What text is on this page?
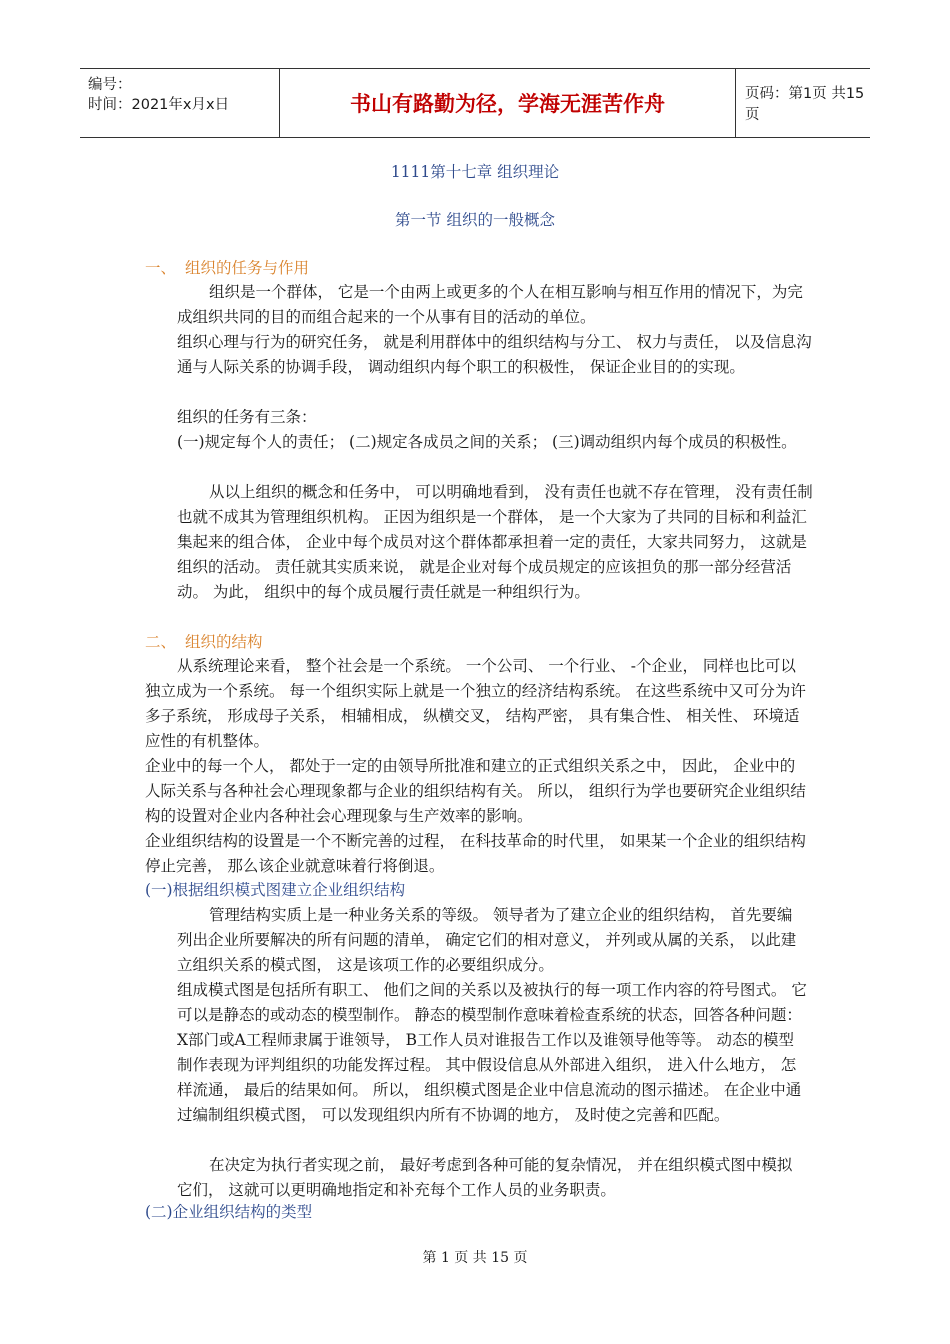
编号：
时间：2021年x月x日	书山有路勤为径，学海无涯苦作舟	页码：第1页 共15页
1111第十七章 组织理论
第一节 组织的一般概念
一、 组织的任务与作用

组织是一个群体， 它是一个由两上或更多的个人在相互影响与相互作用的情况下，为完成组织共同的目的而组合起来的一个从事有目的活动的单位。

组织心理与行为的研究任务， 就是利用群体中的组织结构与分工、 权力与责任， 以及信息沟通与人际关系的协调手段， 调动组织内每个职工的积极性， 保证企业目的的实现。

组织的任务有三条：

(一)规定每个人的责任； (二)规定各成员之间的关系； (三)调动组织内每个成员的积极性。

从以上组织的概念和任务中， 可以明确地看到， 没有责任也就不存在管理， 没有责任制也就不成其为管理组织机构。 正因为组织是一个群体， 是一个大家为了共同的目标和利益汇集起来的组合体， 企业中每个成员对这个群体都承担着一定的责任，大家共同努力， 这就是组织的活动。 责任就其实质来说， 就是企业对每个成员规定的应该担负的那一部分经营活动。 为此， 组织中的每个成员履行责任就是一种组织行为。

二、 组织的结构

从系统理论来看， 整个社会是一个系统。 一个公司、 一个行业、 -个企业， 同样也比可以独立成为一个系统。 每一个组织实际上就是一个独立的经济结构系统。 在这些系统中又可分为许多子系统， 形成母子关系， 相辅相成， 纵横交叉， 结构严密， 具有集合性、 相关性、 环境适应性的有机整体。

企业中的每一个人， 都处于一定的由领导所批准和建立的正式组织关系之中， 因此， 企业中的人际关系与各种社会心理现象都与企业的组织结构有关。 所以， 组织行为学也要研究企业组织结构的设置对企业内各种社会心理现象与生产效率的影响。

企业组织结构的设置是一个不断完善的过程， 在科技革命的时代里， 如果某一个企业的组织结构停止完善， 那么该企业就意味着行将倒退。

(一)根据组织模式图建立企业组织结构

管理结构实质上是一种业务关系的等级。 领导者为了建立企业的组织结构， 首先要编列出企业所要解决的所有问题的清单， 确定它们的相对意义， 并列或从属的关系， 以此建立组织关系的模式图， 这是该项工作的必要组织成分。

组成模式图是包括所有职工、 他们之间的关系以及被执行的每一项工作内容的符号图式。 它可以是静态的或动态的模型制作。 静态的模型制作意味着检查系统的状态，回答各种问题：X部门或A工程师隶属于谁领导， B工作人员对谁报告工作以及谁领导他等等。 动态的模型制作表现为评判组织的功能发挥过程。 其中假设信息从外部进入组织， 进入什么地方， 怎样流通， 最后的结果如何。 所以， 组织模式图是企业中信息流动的图示描述。 在企业中通过编制组织模式图， 可以发现组织内所有不协调的地方， 及时使之完善和匹配。

在决定为执行者实现之前， 最好考虑到各种可能的复杂情况， 并在组织模式图中模拟它们， 这就可以更明确地指定和补充每个工作人员的业务职责。

(二)企业组织结构的类型
第 1 页 共 15 页
